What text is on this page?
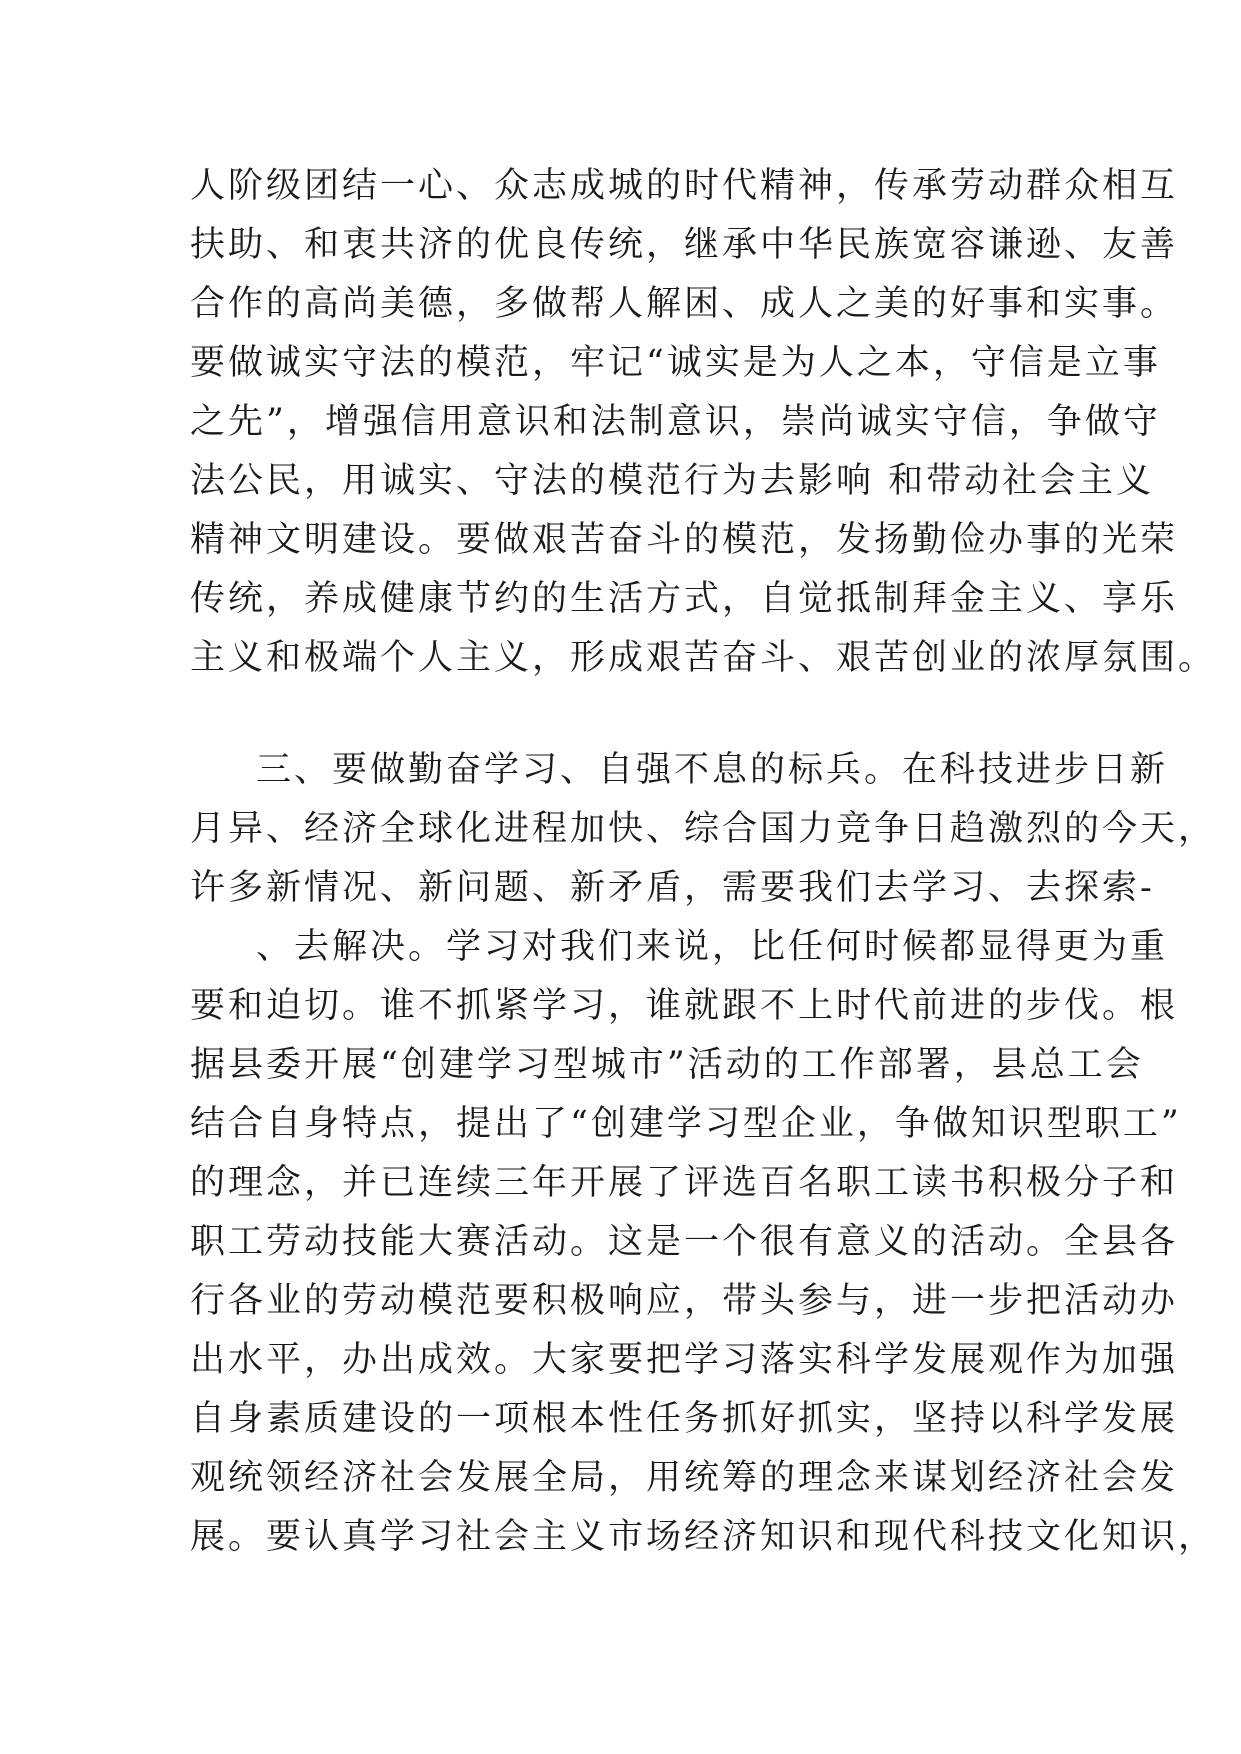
人阶级团结一心、众志成城的时代精神，传承劳动群众相互
扶助、和衷共济的优良传统，继承中华民族宽容谦逊、友善
合作的高尚美德，多做帮人解困、成人之美的好事和实事。
要做诚实守法的模范，牢记“诚实是为人之本，守信是立事
之先”，增强信用意识和法制意识，崇尚诚实守信，争做守
法公民，用诚实、守法的模范行为去影响 和带动社会主义
精神文明建设。要做艰苦奋斗的模范，发扬勤俭办事的光荣
传统，养成健康节约的生活方式，自觉抵制拜金主义、享乐
主义和极端个人主义，形成艰苦奋斗、艰苦创业的浓厚氛围。
三、要做勤奋学习、自强不息的标兵。在科技进步日新
月异、经济全球化进程加快、综合国力竞争日趋激烈的今天，
许多新情况、新问题、新矛盾，需要我们去学习、去探索-
、去解决。学习对我们来说，比任何时候都显得更为重
要和迫切。谁不抓紧学习，谁就跟不上时代前进的步伐。根
据县委开展“创建学习型城市”活动的工作部署，县总工会
结合自身特点，提出了“创建学习型企业，争做知识型职工”
的理念，并已连续三年开展了评选百名职工读书积极分子和
职工劳动技能大赛活动。这是一个很有意义的活动。全县各
行各业的劳动模范要积极响应，带头参与，进一步把活动办
出水平，办出成效。大家要把学习落实科学发展观作为加强
自身素质建设的一项根本性任务抓好抓实，坚持以科学发展
观统领经济社会发展全局，用统筹的理念来谋划经济社会发
展。要认真学习社会主义市场经济知识和现代科技文化知识，
